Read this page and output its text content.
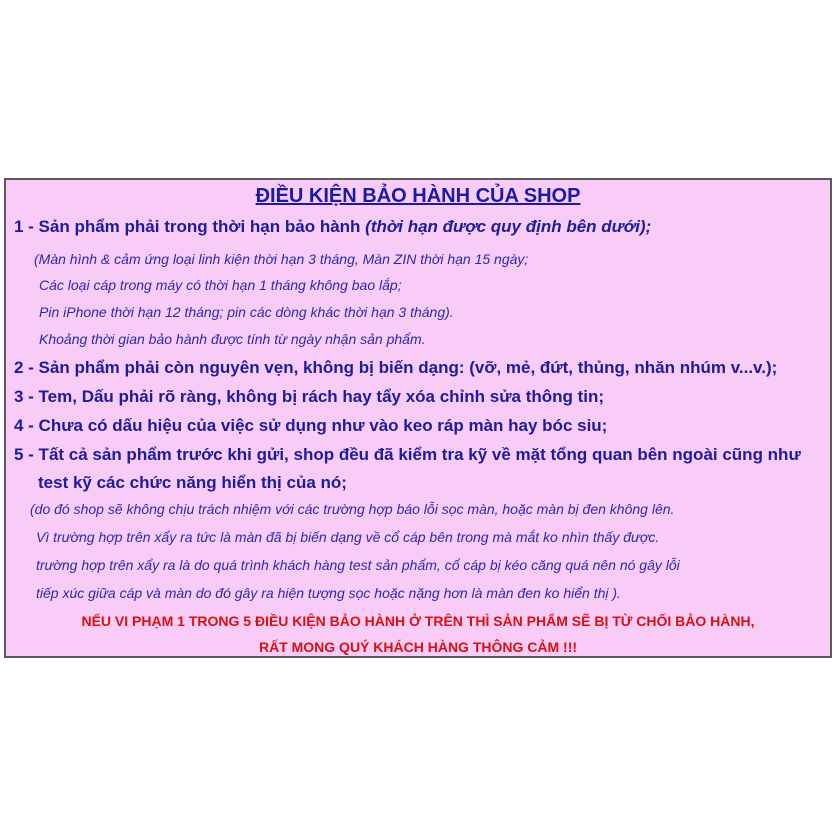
ĐIỀU KIỆN BẢO HÀNH CỦA SHOP
1 - Sản phẩm phải trong thời hạn bảo hành (thời hạn được quy định bên dưới);
(Màn hình & cảm ứng loại linh kiện thời hạn 3 tháng, Màn ZIN thời hạn 15 ngày;
Các loại cáp trong máy có thời hạn 1 tháng không bao lắp;
Pin iPhone thời hạn 12 tháng; pin các dòng khác thời hạn 3 tháng).
Khoảng thời gian bảo hành được tính từ ngày nhận sản phẩm.
2 - Sản phẩm phải còn nguyên vẹn, không bị biến dạng: (vỡ, mẻ, đứt, thủng, nhăn nhúm v...v.);
3 - Tem, Dấu phải rõ ràng, không bị rách hay tẩy xóa chỉnh sửa thông tin;
4 - Chưa có dấu hiệu của việc sử dụng như vào keo ráp màn hay bóc siu;
5 - Tất cả sản phẩm trước khi gửi, shop đều đã kiểm tra kỹ về mặt tổng quan bên ngoài cũng như
test kỹ các chức năng hiển thị của nó;
(do đó shop sẽ không chịu trách nhiệm với các trường hợp báo lỗi sọc màn, hoặc màn bị đen không lên.
Vì trường hợp trên xẩy ra tức là màn đã bị biến dạng về cổ cáp bên trong mà mắt ko nhìn thấy được.
trường hợp trên xẩy ra là do quá trình khách hàng test sản phẩm, cổ cáp bị kéo căng quá nên nó gây lỗi
tiếp xúc giữa cáp và màn do đó gây ra hiện tượng sọc hoặc nặng hơn là màn đen ko hiển thị ).
NẾU VI PHẠM 1 TRONG 5 ĐIỀU KIỆN BẢO HÀNH Ở TRÊN THÌ SẢN PHẨM SẼ BỊ TỪ CHỐI BẢO HÀNH,
RẤT MONG QUÝ KHÁCH HÀNG THÔNG CẢM !!!
